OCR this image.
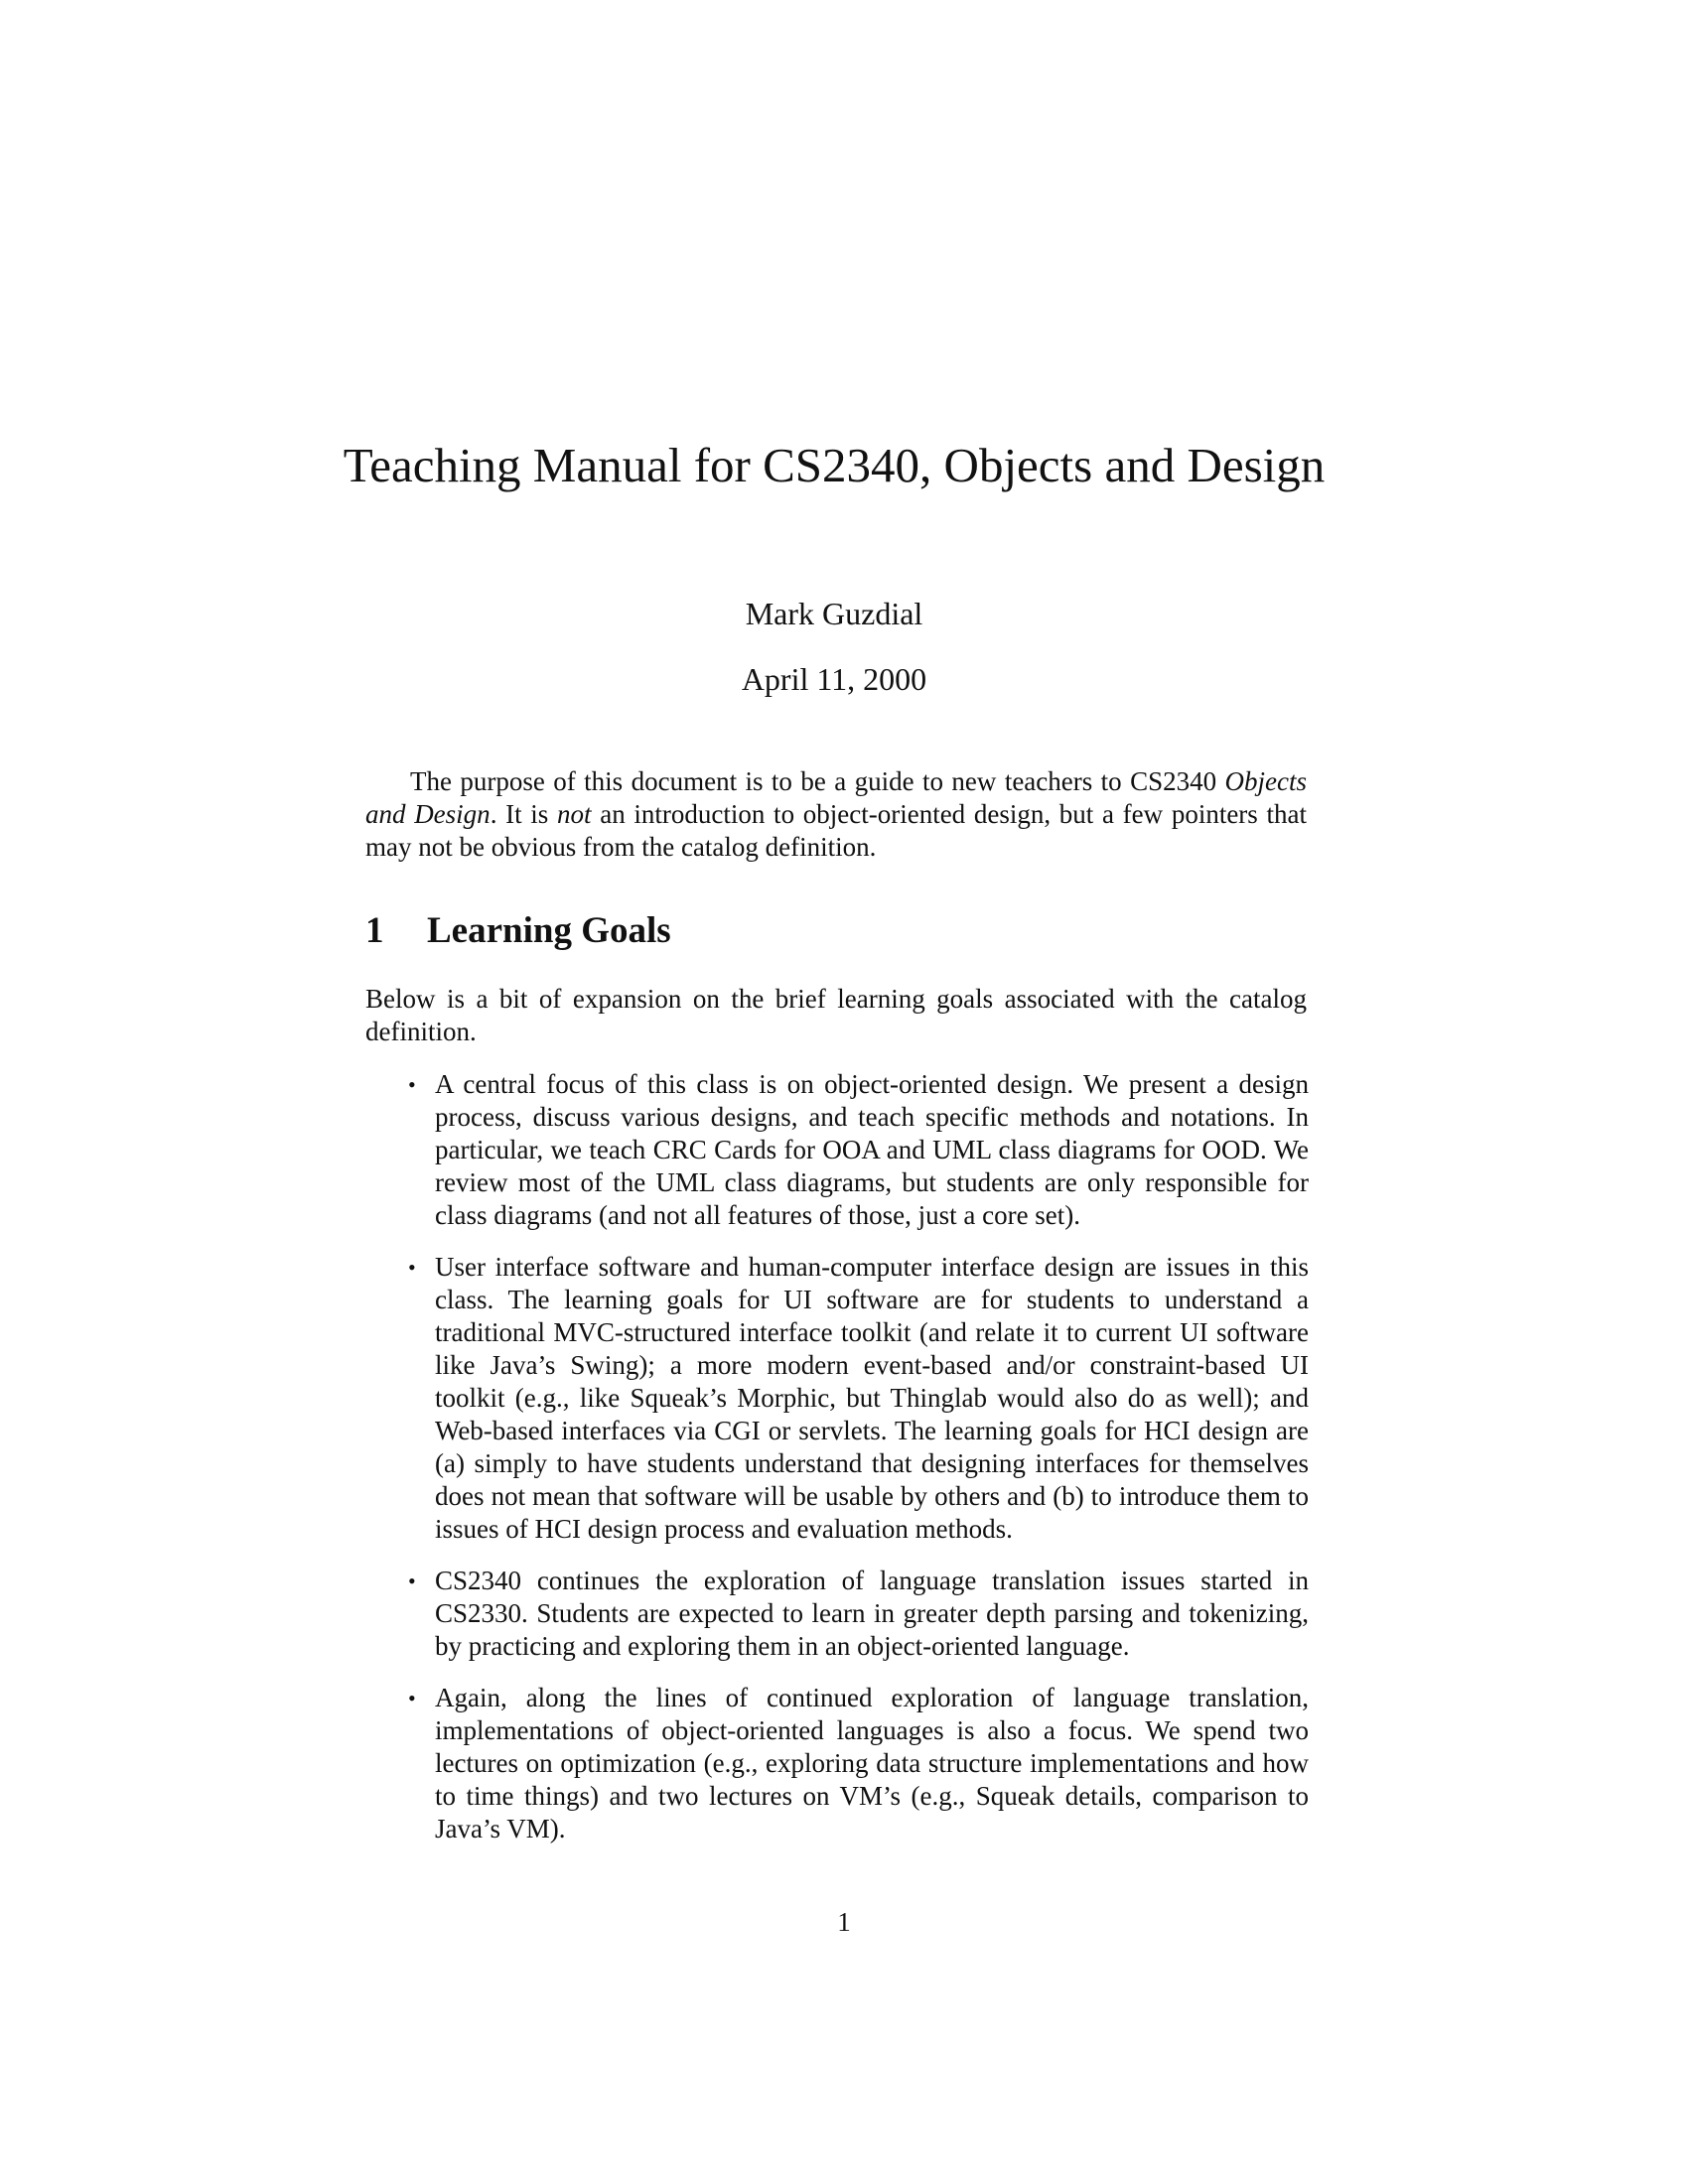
Teaching Manual for CS2340, Objects and Design

Mark Guzdial

April 11, 2000

The purpose of this document is to be a guide to new teachers to CS2340 Objects and Design. It is not an introduction to object-oriented design, but a few pointers that may not be obvious from the catalog definition.

1 Learning Goals

Below is a bit of expansion on the brief learning goals associated with the catalog definition.

• A central focus of this class is on object-oriented design. We present a design process, discuss various designs, and teach specific methods and notations. In particular, we teach CRC Cards for OOA and UML class diagrams for OOD. We review most of the UML class diagrams, but students are only responsible for class diagrams (and not all features of those, just a core set).
• User interface software and human-computer interface design are issues in this class. The learning goals for UI software are for students to understand a traditional MVC-structured interface toolkit (and relate it to current UI software like Java’s Swing); a more modern event-based and/or constraint-based UI toolkit (e.g., like Squeak’s Morphic, but Thinglab would also do as well); and Web-based interfaces via CGI or servlets. The learning goals for HCI design are (a) simply to have students understand that designing interfaces for themselves does not mean that software will be usable by others and (b) to introduce them to issues of HCI design process and evaluation methods.
• CS2340 continues the exploration of language translation issues started in CS2330. Students are expected to learn in greater depth parsing and tokenizing, by practicing and exploring them in an object-oriented language.
• Again, along the lines of continued exploration of language translation, implementations of object-oriented languages is also a focus. We spend two lectures on optimization (e.g., exploring data structure implementations and how to time things) and two lectures on VM’s (e.g., Squeak details, comparison to Java’s VM).

1
